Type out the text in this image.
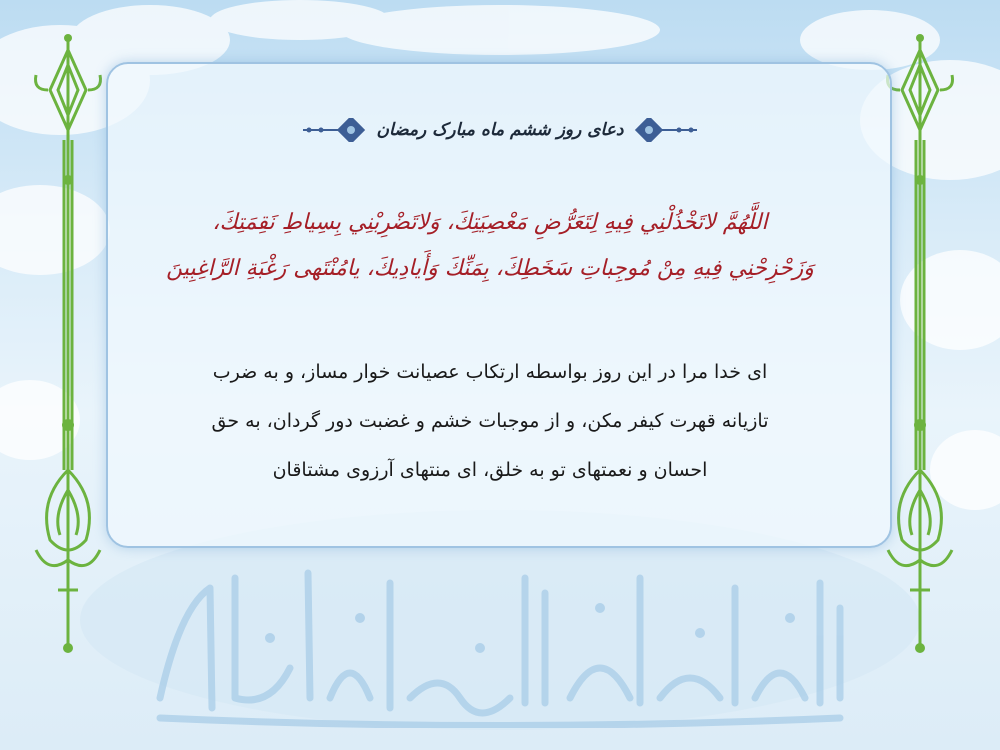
دعای روز ششم ماه مبارک رمضان
اللَّهُمَّ لاتَخْذُلْنِي فِيهِ لِتَعَرُّضِ مَعْصِيَتِكَ، وَلاتَضْرِبْنِي بِسِياطِ نَقِمَتِكَ،
وَزَحْزِحْنِي فِيهِ مِنْ مُوجِباتِ سَخَطِكَ، بِمَنِّكَ وَأَيادِيكَ، يامُنْتَهى رَغْبَةِ الرَّاغِبِينَ
ای خدا مرا در این روز بواسطه ارتکاب عصیانت خوار مساز، و به ضرب
تازیانه قهرت کیفر مکن، و از موجبات خشم و غضبت دور گردان، به حق
احسان و نعمتهای تو به خلق، ای منتهای آرزوی مشتاقان
